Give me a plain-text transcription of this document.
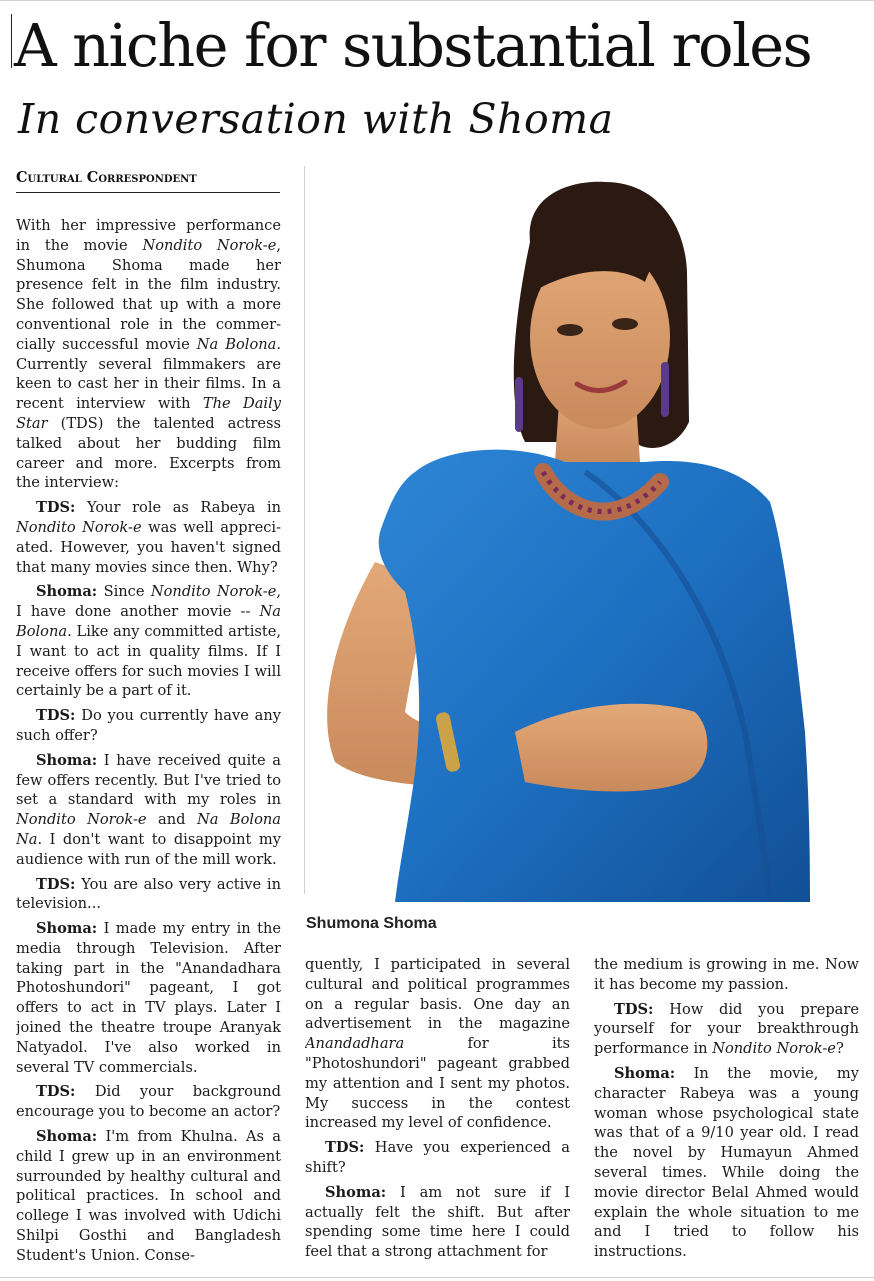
A niche for substantial roles
In conversation with Shoma
Cultural Correspondent

With her impressive performance in the movie Nondito Norok-e, Shumona Shoma made her presence felt in the film industry. She followed that up with a more conventional role in the commercially successful movie Na Bolona. Currently several filmmakers are keen to cast her in their films. In a recent interview with The Daily Star (TDS) the talented actress talked about her budding film career and more. Excerpts from the interview:

TDS: Your role as Rabeya in Nondito Norok-e was well appreciated. However, you haven't signed that many movies since then. Why?

Shoma: Since Nondito Norok-e, I have done another movie -- Na Bolona. Like any committed artiste, I want to act in quality films. If I receive offers for such movies I will certainly be a part of it.

TDS: Do you currently have any such offer?

Shoma: I have received quite a few offers recently. But I've tried to set a standard with my roles in Nondito Norok-e and Na Bolona Na. I don't want to disappoint my audience with run of the mill work.

TDS: You are also very active in television...

Shoma: I made my entry in the media through Television. After taking part in the "Anandadhara Photoshundori" pageant, I got offers to act in TV plays. Later I joined the theatre troupe Aranyak Natyadol. I've also worked in several TV commercials.

TDS: Did your background encourage you to become an actor?

Shoma: I'm from Khulna. As a child I grew up in an environment surrounded by healthy cultural and political practices. In school and college I was involved with Udichi Shilpi Gosthi and Bangladesh Student's Union. Conse-

Shumona Shoma

quently, I participated in several cultural and political programmes on a regular basis. One day an advertisement in the magazine Anandadhara for its "Photoshundori" pageant grabbed my attention and I sent my photos. My success in the contest increased my level of confidence.

TDS: Have you experienced a shift?

Shoma: I am not sure if I actually felt the shift. But after spending some time here I could feel that a strong attachment for

the medium is growing in me. Now it has become my passion.

TDS: How did you prepare yourself for your breakthrough performance in Nondito Norok-e?

Shoma: In the movie, my character Rabeya was a young woman whose psychological state was that of a 9/10 year old. I read the novel by Humayun Ahmed several times. While doing the movie director Belal Ahmed would explain the whole situation to me and I tried to follow his instructions.
